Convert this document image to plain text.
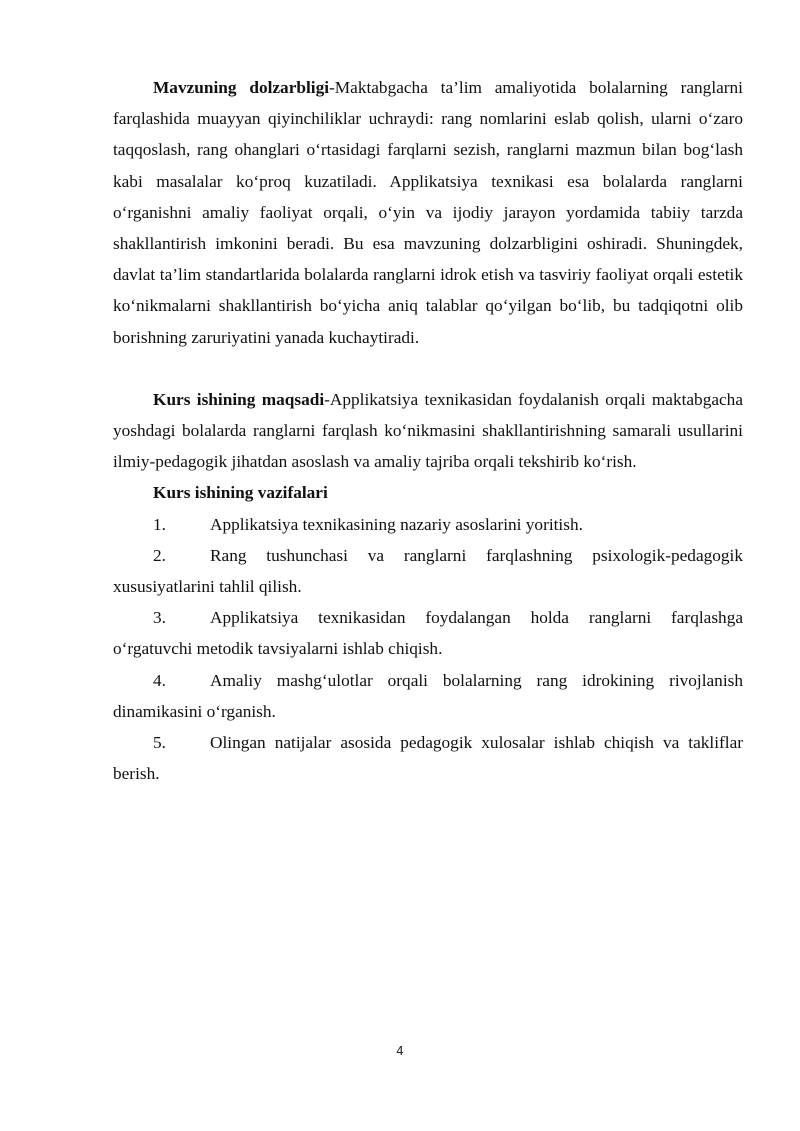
Mavzuning dolzarbligi-Maktabgacha ta’lim amaliyotida bolalarning ranglarni farqlashida muayyan qiyinchiliklar uchraydi: rang nomlarini eslab qolish, ularni o‘zaro taqqoslash, rang ohanglari o‘rtasidagi farqlarni sezish, ranglarni mazmun bilan bog‘lash kabi masalalar ko‘proq kuzatiladi. Applikatsiya texnikasi esa bolalarda ranglarni o‘rganishni amaliy faoliyat orqali, o‘yin va ijodiy jarayon yordamida tabiiy tarzda shakllantirish imkonini beradi. Bu esa mavzuning dolzarbligini oshiradi. Shuningdek, davlat ta’lim standartlarida bolalarda ranglarni idrok etish va tasviriy faoliyat orqali estetik ko‘nikmalarni shakllantirish bo‘yicha aniq talablar qo‘yilgan bo‘lib, bu tadqiqotni olib borishning zaruriyatini yanada kuchaytiradi.

Kurs ishining maqsadi-Applikatsiya texnikasidan foydalanish orqali maktabgacha yoshdagi bolalarda ranglarni farqlash ko‘nikmasini shakllantirishning samarali usullarini ilmiy-pedagogik jihatdan asoslash va amaliy tajriba orqali tekshirib ko‘rish.

Kurs ishining vazifalari

1.	Applikatsiya texnikasining nazariy asoslarini yoritish.

2.	Rang tushunchasi va ranglarni farqlashning psixologik-pedagogik xususiyatlarini tahlil qilish.

3.	Applikatsiya texnikasidan foydalangan holda ranglarni farqlashga o‘rgatuvchi metodik tavsiyalarni ishlab chiqish.

4.	Amaliy mashg‘ulotlar orqali bolalarning rang idrokining rivojlanish dinamikasini o‘rganish.

5.	Olingan natijalar asosida pedagogik xulosalar ishlab chiqish va takliflar berish.

4
